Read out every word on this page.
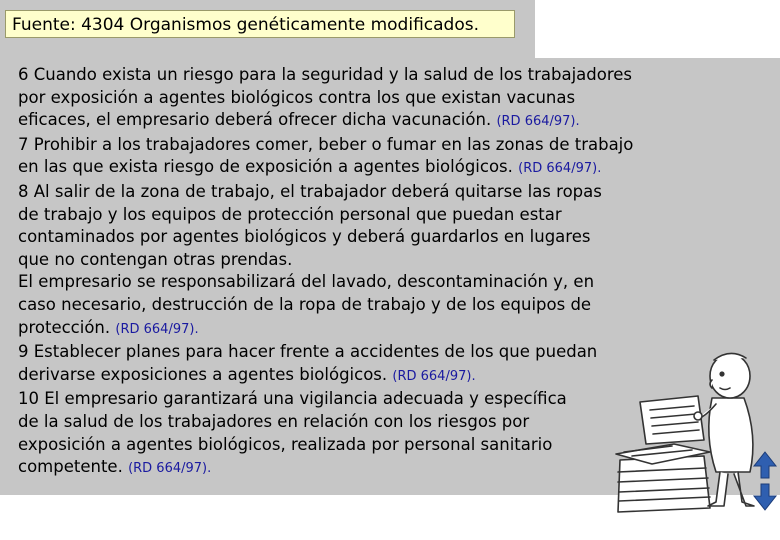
Fuente: 4304 Organismos genéticamente modificados.
6 Cuando exista un riesgo para la seguridad y la salud de los trabajadores
por exposición a agentes biológicos contra los que existan vacunas
eficaces, el empresario deberá ofrecer dicha vacunación. (RD 664/97).
7 Prohibir a los trabajadores comer, beber o fumar en las zonas de trabajo
en las que exista riesgo de exposición a agentes biológicos. (RD 664/97).
8 Al salir de la zona de trabajo, el trabajador deberá quitarse las ropas
de trabajo y los equipos de protección personal que puedan estar
contaminados por agentes biológicos y deberá guardarlos en lugares
que no contengan otras prendas.
El empresario se responsabilizará del lavado, descontaminación y, en
caso necesario, destrucción de la ropa de trabajo y de los equipos de
protección. (RD 664/97).
9 Establecer planes para hacer frente a accidentes de los que puedan
derivarse exposiciones a agentes biológicos. (RD 664/97).
10 El empresario garantizará una vigilancia adecuada y específica
de la salud de los trabajadores en relación con los riesgos por
exposición a agentes biológicos, realizada por personal sanitario
competente. (RD 664/97).
